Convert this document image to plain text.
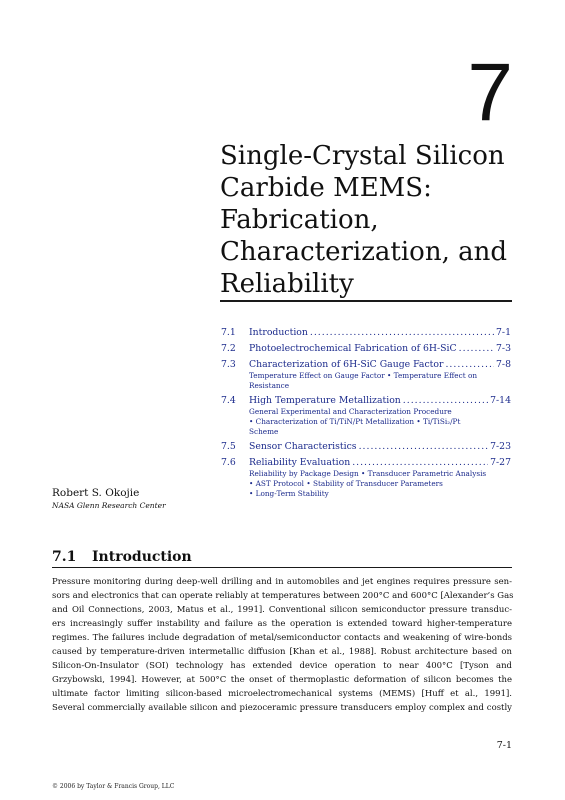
7
Single-Crystal Silicon
Carbide MEMS:
Fabrication,
Characterization, and
Reliability
7.1	Introduction .....	7-1
7.2	Photoelectrochemical Fabrication of 6H-SiC .....	7-3
7.3	Characterization of 6H-SiC Gauge Factor .....	7-8
Temperature Effect on Gauge Factor • Temperature Effect on
Resistance
7.4	High Temperature Metallization .....	7-14
General Experimental and Characterization Procedure
• Characterization of Ti/TiN/Pt Metallization • Ti/TiSi₂/Pt
Scheme
7.5	Sensor Characteristics .....	7-23
7.6	Reliability Evaluation .....	7-27
Reliability by Package Design • Transducer Parametric Analysis
• AST Protocol • Stability of Transducer Parameters
• Long-Term Stability
Robert S. Okojie
NASA Glenn Research Center
7.1 Introduction
Pressure monitoring during deep-well drilling and in automobiles and jet engines requires pressure sen-
sors and electronics that can operate reliably at temperatures between 200°C and 600°C [Alexander’s Gas
and Oil Connections, 2003, Matus et al., 1991]. Conventional silicon semiconductor pressure transduc-
ers increasingly suffer instability and failure as the operation is extended toward higher-temperature
regimes. The failures include degradation of metal/semiconductor contacts and weakening of wire-bonds
caused by temperature-driven intermetallic diffusion [Khan et al., 1988]. Robust architecture based on
Silicon-On-Insulator (SOI) technology has extended device operation to near 400°C [Tyson and
Grzybowski, 1994]. However, at 500°C the onset of thermoplastic deformation of silicon becomes the
ultimate factor limiting silicon-based microelectromechanical systems (MEMS) [Huff et al., 1991].
Several commercially available silicon and piezoceramic pressure transducers employ complex and costly
7-1
© 2006 by Taylor & Francis Group, LLC
